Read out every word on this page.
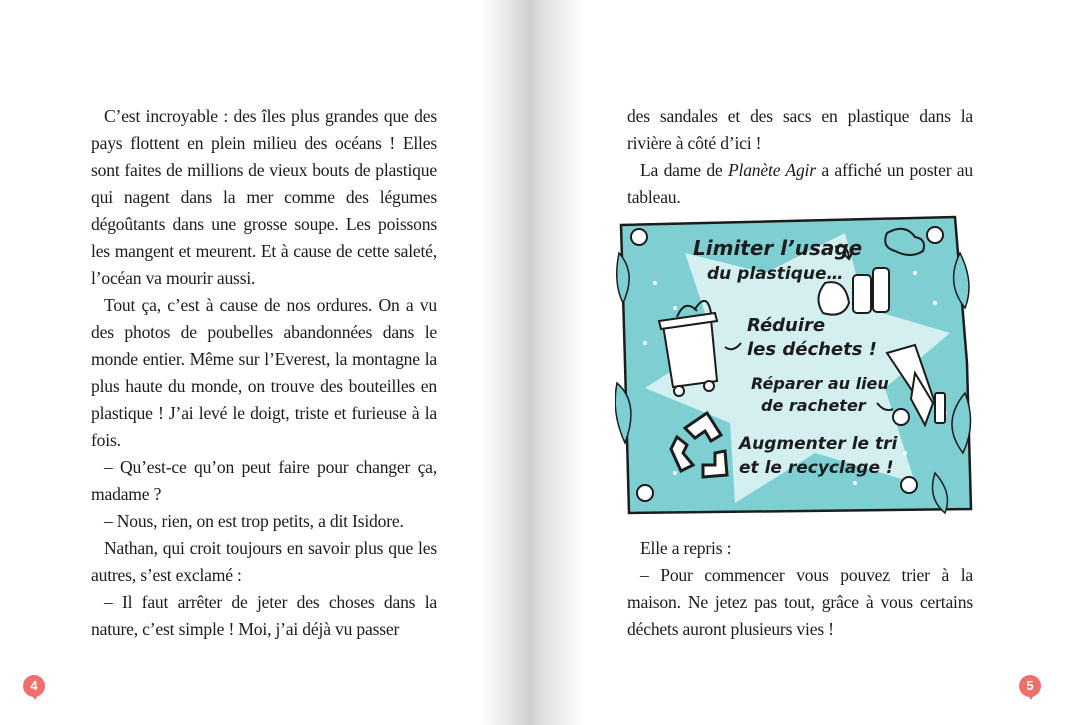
C’est incroyable : des îles plus grandes que des pays flottent en plein milieu des océans ! Elles sont faites de millions de vieux bouts de plastique qui nagent dans la mer comme des légumes dégoûtants dans une grosse soupe. Les poissons les mangent et meurent. Et à cause de cette saleté, l’océan va mourir aussi.

Tout ça, c’est à cause de nos ordures. On a vu des photos de poubelles abandonnées dans le monde entier. Même sur l’Everest, la montagne la plus haute du monde, on trouve des bouteilles en plastique ! J’ai levé le doigt, triste et furieuse à la fois.

– Qu’est-ce qu’on peut faire pour changer ça, madame ?

– Nous, rien, on est trop petits, a dit Isidore.

Nathan, qui croit toujours en savoir plus que les autres, s’est exclamé :

– Il faut arrêter de jeter des choses dans la nature, c’est simple ! Moi, j’ai déjà vu passer

des sandales et des sacs en plastique dans la rivière à côté d’ici !

La dame de Planète Agir a affiché un poster au tableau.

Limiter l’usage
du plastique…
Réduire
les déchets !
Réparer au lieu
de racheter
Augmenter le tri
et le recyclage !

Elle a repris :

– Pour commencer vous pouvez trier à la maison. Ne jetez pas tout, grâce à vous certains déchets auront plusieurs vies !

4	5
